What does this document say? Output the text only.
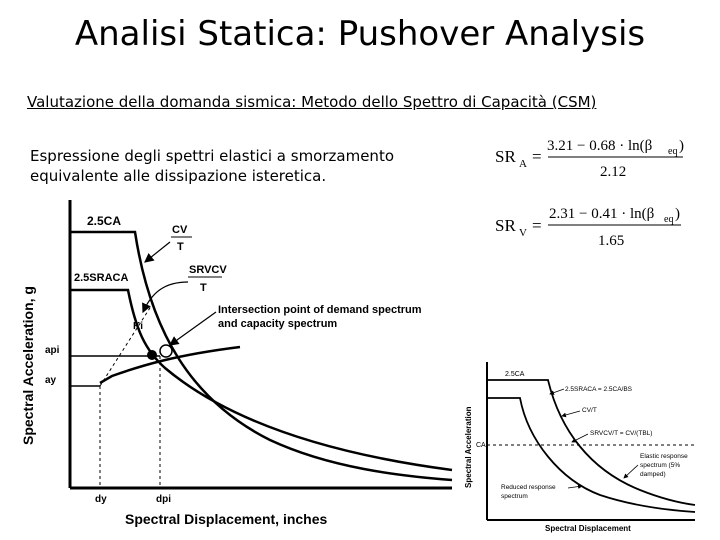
Analisi Statica: Pushover Analysis
Valutazione della domanda sismica: Metodo dello Spettro di Capacità (CSM)
Espressione degli spettri elastici a smorzamento equivalente alle dissipazione isteretica.
SR A =
3.21 − 0.68 · ln(β eq )
2.12
SR V =
2.31 − 0.41 · ln(β eq )
1.65
Spectral Acceleration, g
Spectral Displacement, inches
2.5CA
CV
T
2.5SRACA
SRVCV
T
Ki
Intersection point of demand spectrum
and capacity spectrum
api
ay
dy	dpi
Spectral Acceleration
Spectral Displacement
2.5CA
CA
2.5SRACA = 2.5CA/BS
CV/T
SRVCV/T = CV/(TBL)
Elastic response
spectrum (5%
damped)
Reduced response
spectrum
